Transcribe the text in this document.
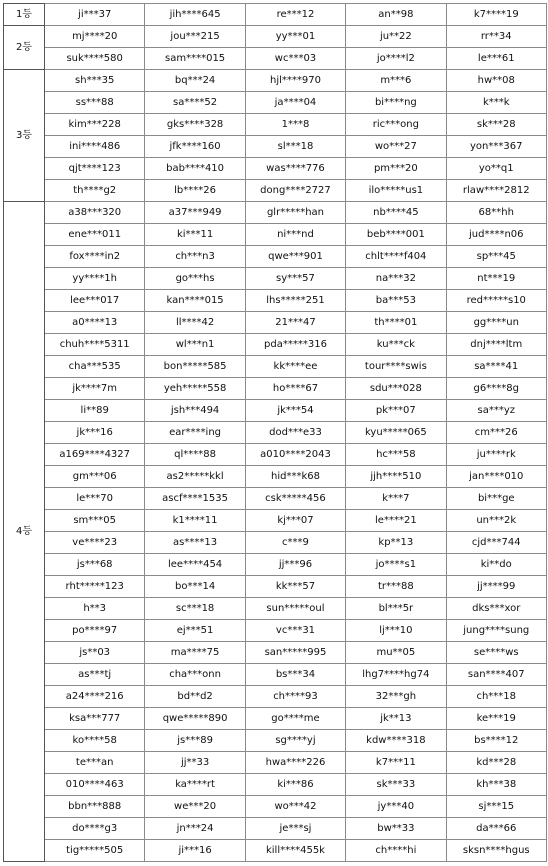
1등	ji***37	jih****645	re***12	an**98	k7****19
2등	mj****20	jou***215	yy***01	ju**22	rr**34
	suk****580	sam****015	wc***03	jo****l2	le***61
3등	sh***35	bq***24	hjl****970	m***6	hw**08
	ss***88	sa****52	ja****04	bi****ng	k***k
	kim***228	gks****328	1***8	ric***ong	sk***28
	ini****486	jfk****160	sl***18	wo***27	yon***367
	qjt****123	bab****410	was****776	pm***20	yo**q1
	th****g2	lb****26	dong****2727	ilo*****us1	rlaw****2812
4등	a38***320	a37***949	glr*****han	nb****45	68**hh
	ene***011	ki***11	ni***nd	beb****001	jud****n06
	fox****in2	ch***n3	qwe***901	chlt****f404	sp***45
	yy****1h	go***hs	sy***57	na***32	nt***19
	lee***017	kan****015	lhs*****251	ba***53	red*****s10
	a0****13	ll****42	21***47	th****01	gg****un
	chuh****5311	wl***n1	pda*****316	ku***ck	dnj****ltm
	cha***535	bon*****585	kk****ee	tour****swis	sa****41
	jk****7m	yeh*****558	ho****67	sdu***028	g6****8g
	li**89	jsh***494	jk***54	pk***07	sa***yz
	jk***16	ear****ing	dod***e33	kyu*****065	cm***26
	a169****4327	ql****88	a010****2043	hc***58	ju****rk
	gm***06	as2*****kkl	hid***k68	jjh****510	jan****010
	le***70	ascf****1535	csk*****456	k***7	bi***ge
	sm***05	k1****11	kj***07	le****21	un***2k
	ve****23	as****13	c***9	kp**13	cjd***744
	js***68	lee****454	jj***96	jo****s1	ki**do
	rht*****123	bo***14	kk***57	tr***88	jj****99
	h**3	sc***18	sun*****oul	bl***5r	dks***xor
	po****97	ej***51	vc***31	lj***10	jung****sung
	js**03	ma****75	san*****995	mu**05	se****ws
	as***tj	cha***onn	bs***34	lhg7****hg74	san****407
	a24****216	bd**d2	ch****93	32***gh	ch***18
	ksa***777	qwe*****890	go****me	jk**13	ke***19
	ko****58	js***89	sg****yj	kdw****318	bs****12
	te***an	jj**33	hwa****226	k7***11	kd***28
	010****463	ka****rt	ki***86	sk***33	kh***38
	bbn***888	we***20	wo***42	jy***40	sj***15
	do****g3	jn***24	je***sj	bw**33	da***66
	tig*****505	ji***16	kill****455k	ch****hi	sksn****hgus
